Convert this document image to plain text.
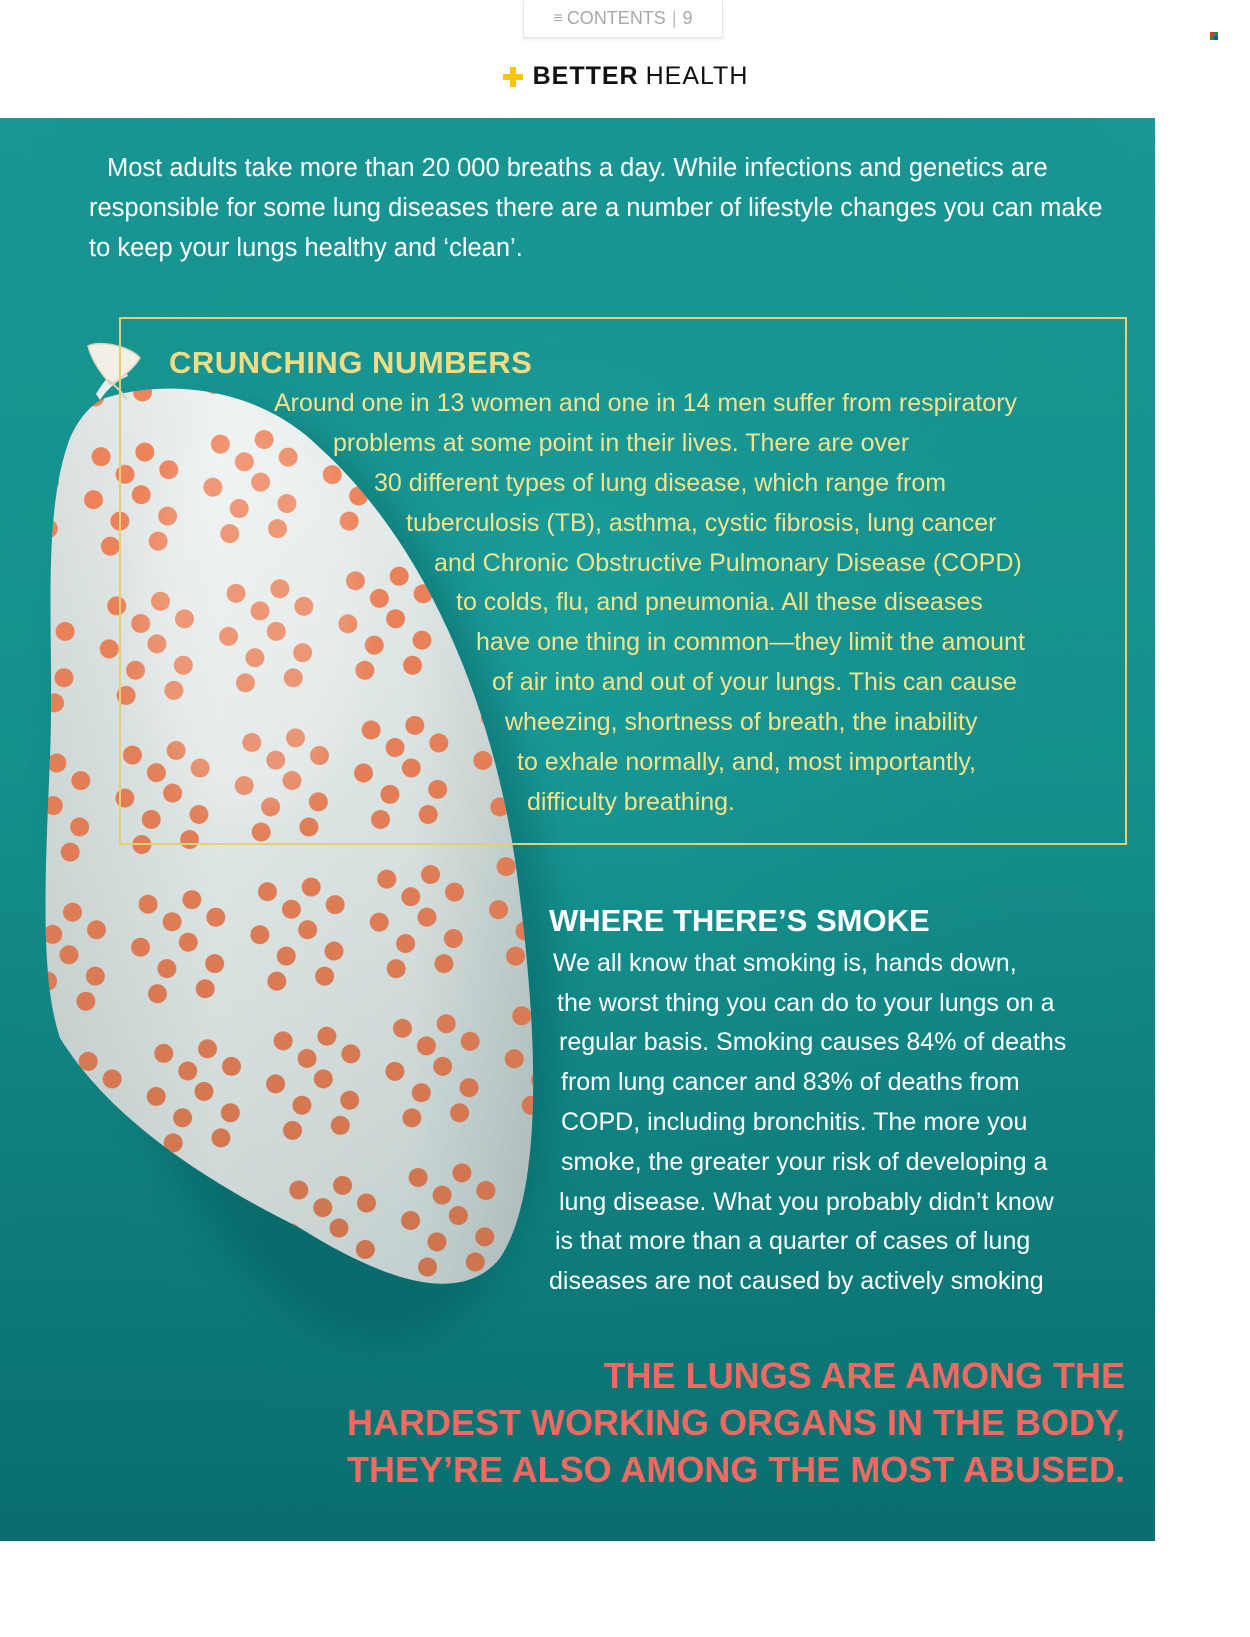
≡ CONTENTS | 9
BETTER HEALTH

Most adults take more than 20 000 breaths a day. While infections and genetics are responsible for some lung diseases there are a number of lifestyle changes you can make to keep your lungs healthy and ‘clean’.

CRUNCHING NUMBERS

Around one in 13 women and one in 14 men suffer from respiratory

problems at some point in their lives. There are over

30 different types of lung disease, which range from

tuberculosis (TB), asthma, cystic fibrosis, lung cancer

and Chronic Obstructive Pulmonary Disease (COPD)

to colds, flu, and pneumonia. All these diseases

have one thing in common—they limit the amount

of air into and out of your lungs. This can cause

wheezing, shortness of breath, the inability

to exhale normally, and, most importantly,

difficulty breathing.

WHERE THERE’S SMOKE

We all know that smoking is, hands down,

the worst thing you can do to your lungs on a

regular basis. Smoking causes 84% of deaths

from lung cancer and 83% of deaths from

COPD, including bronchitis. The more you

smoke, the greater your risk of developing a

lung disease. What you probably didn’t know

is that more than a quarter of cases of lung

diseases are not caused by actively smoking

THE LUNGS ARE AMONG THE

HARDEST WORKING ORGANS IN THE BODY,

THEY’RE ALSO AMONG THE MOST ABUSED.
